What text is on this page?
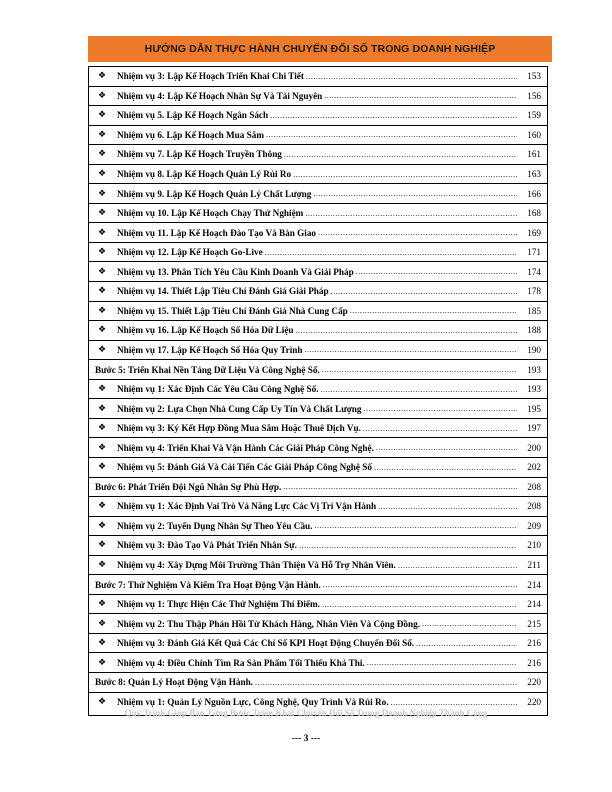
HƯỚNG DẪN THỰC HÀNH CHUYỂN ĐỔI SỐ TRONG DOANH NGHIỆP
❖ Nhiệm vụ 3: Lập Kế Hoạch Triển Khai Chi Tiết .....	153
❖ Nhiệm vụ 4: Lập Kế Hoạch Nhân Sự Và Tài Nguyên .....	156
❖ Nhiệm vụ 5. Lập Kế Hoạch Ngân Sách .....	159
❖ Nhiệm vụ 6. Lập Kế Hoạch Mua Sắm .....	160
❖ Nhiệm vụ 7. Lập Kế Hoạch Truyền Thông .....	161
❖ Nhiệm vụ 8. Lập Kế Hoạch Quản Lý Rủi Ro .....	163
❖ Nhiệm vụ 9. Lập Kế Hoạch Quản Lý Chất Lượng .....	166
❖ Nhiệm vụ 10. Lập Kế Hoạch Chạy Thử Nghiệm .....	168
❖ Nhiệm vụ 11. Lập Kế Hoạch Đào Tạo Và Bàn Giao .....	169
❖ Nhiệm vụ 12. Lập Kế Hoạch Go-Live .....	171
❖ Nhiệm vụ 13. Phân Tích Yêu Cầu Kinh Doanh Và Giải Pháp .....	174
❖ Nhiệm vụ 14. Thiết Lập Tiêu Chí Đánh Giá Giải Pháp .....	178
❖ Nhiệm vụ 15. Thiết Lập Tiêu Chí Đánh Giá Nhà Cung Cấp .....	185
❖ Nhiệm vụ 16. Lập Kế Hoạch Số Hóa Dữ Liệu .....	188
❖ Nhiệm vụ 17. Lập Kế Hoạch Số Hóa Quy Trình .....	190
Bước 5: Triển Khai Nền Tảng Dữ Liệu Và Công Nghệ Số. .....	193
❖ Nhiệm vụ 1: Xác Định Các Yêu Cầu Công Nghệ Số. .....	193
❖ Nhiệm vụ 2: Lựa Chọn Nhà Cung Cấp Uy Tín Và Chất Lượng .....	195
❖ Nhiệm vụ 3: Ký Kết Hợp Đồng Mua Sắm Hoặc Thuê Dịch Vụ. .....	197
❖ Nhiệm vụ 4: Triển Khai Và Vận Hành Các Giải Pháp Công Nghệ. .....	200
❖ Nhiệm vụ 5: Đánh Giá Và Cải Tiến Các Giải Pháp Công Nghệ Số .....	202
Bước 6: Phát Triển Đội Ngũ Nhân Sự Phù Hợp. .....	208
❖ Nhiệm vụ 1: Xác Định Vai Trò Và Năng Lực Các Vị Trí Vận Hành .....	208
❖ Nhiệm vụ 2: Tuyển Dụng Nhân Sự Theo Yêu Cầu. .....	209
❖ Nhiệm vụ 3: Đào Tạo Và Phát Triển Nhân Sự. .....	210
❖ Nhiệm vụ 4: Xây Dựng Môi Trường Thân Thiện Và Hỗ Trợ Nhân Viên. .....	211
Bước 7: Thử Nghiệm Và Kiểm Tra Hoạt Động Vận Hành. .....	214
❖ Nhiệm vụ 1: Thực Hiện Các Thử Nghiệm Thí Điểm. .....	214
❖ Nhiệm vụ 2: Thu Thập Phản Hồi Từ Khách Hàng, Nhân Viên Và Cộng Đồng. .....	215
❖ Nhiệm vụ 3: Đánh Giá Kết Quả Các Chỉ Số KPI Hoạt Động Chuyển Đổi Số. .....	216
❖ Nhiệm vụ 4: Điều Chỉnh Tìm Ra Sản Phẩm Tối Thiểu Khả Thi. .....	216
Bước 8: Quản Lý Hoạt Động Vận Hành. .....	220
❖ Nhiệm vụ 1: Quản Lý Nguồn Lực, Công Nghệ, Quy Trình Và Rủi Ro. .....	220
Quy Trình Giúp Bạn Từng Bước Triển Khai Chuyển Đổi Số Trong Doanh Nghiệp Thành Công
--- 3 ---
